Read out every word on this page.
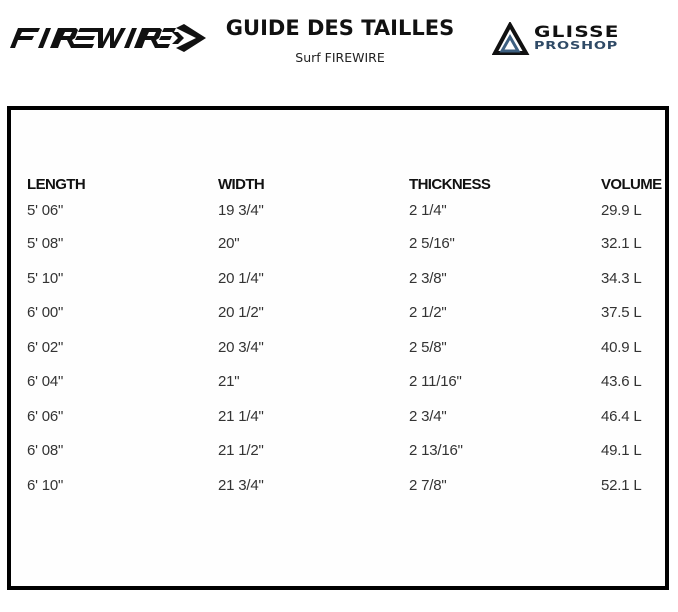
GUIDE DES TAILLES
Surf FIREWIRE
GLISSE
PROSHOP
LENGTH	WIDTH	THICKNESS	VOLUME
5' 06"	19 3/4"	2 1/4"	29.9 L
5' 08"	20"	2 5/16"	32.1 L
5' 10"	20 1/4"	2 3/8"	34.3 L
6' 00"	20 1/2"	2 1/2"	37.5 L
6' 02"	20 3/4"	2 5/8"	40.9 L
6' 04"	21"	2 11/16"	43.6 L
6' 06"	21 1/4"	2 3/4"	46.4 L
6' 08"	21 1/2"	2 13/16"	49.1 L
6' 10"	21 3/4"	2 7/8"	52.1 L
